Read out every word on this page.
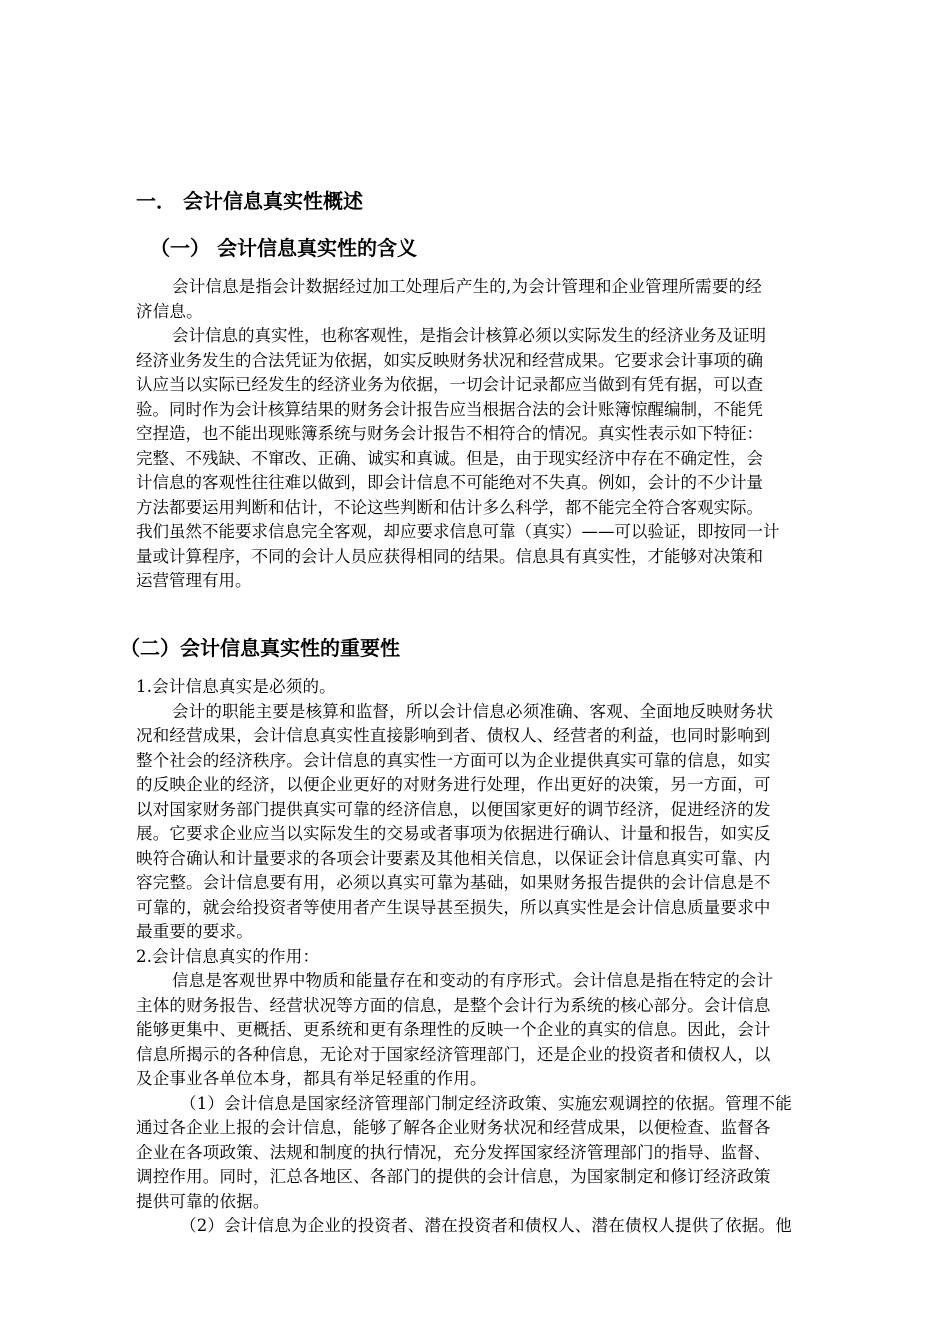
一． 会计信息真实性概述
（一） 会计信息真实性的含义
会计信息是指会计数据经过加工处理后产生的,为会计管理和企业管理所需要的经
济信息。
会计信息的真实性，也称客观性，是指会计核算必须以实际发生的经济业务及证明
经济业务发生的合法凭证为依据，如实反映财务状况和经营成果。它要求会计事项的确
认应当以实际已经发生的经济业务为依据，一切会计记录都应当做到有凭有据，可以查
验。同时作为会计核算结果的财务会计报告应当根据合法的会计账簿惊醒编制，不能凭
空捏造，也不能出现账簿系统与财务会计报告不相符合的情况。真实性表示如下特征：
完整、不残缺、不窜改、正确、诚实和真诚。但是，由于现实经济中存在不确定性，会
计信息的客观性往往难以做到，即会计信息不可能绝对不失真。例如，会计的不少计量
方法都要运用判断和估计，不论这些判断和估计多么科学，都不能完全符合客观实际。
我们虽然不能要求信息完全客观，却应要求信息可靠（真实）——可以验证，即按同一计
量或计算程序，不同的会计人员应获得相同的结果。信息具有真实性，才能够对决策和
运营管理有用。
（二）会计信息真实性的重要性
1.会计信息真实是必须的。
会计的职能主要是核算和监督，所以会计信息必须准确、客观、全面地反映财务状
况和经营成果，会计信息真实性直接影响到者、债权人、经营者的利益，也同时影响到
整个社会的经济秩序。会计信息的真实性一方面可以为企业提供真实可靠的信息，如实
的反映企业的经济，以便企业更好的对财务进行处理，作出更好的决策，另一方面，可
以对国家财务部门提供真实可靠的经济信息，以便国家更好的调节经济，促进经济的发
展。它要求企业应当以实际发生的交易或者事项为依据进行确认、计量和报告，如实反
映符合确认和计量要求的各项会计要素及其他相关信息，以保证会计信息真实可靠、内
容完整。会计信息要有用，必须以真实可靠为基础，如果财务报告提供的会计信息是不
可靠的，就会给投资者等使用者产生误导甚至损失，所以真实性是会计信息质量要求中
最重要的要求。
2.会计信息真实的作用：
信息是客观世界中物质和能量存在和变动的有序形式。会计信息是指在特定的会计
主体的财务报告、经营状况等方面的信息，是整个会计行为系统的核心部分。会计信息
能够更集中、更概括、更系统和更有条理性的反映一个企业的真实的信息。因此，会计
信息所揭示的各种信息，无论对于国家经济管理部门，还是企业的投资者和债权人，以
及企事业各单位本身，都具有举足轻重的作用。
（1）会计信息是国家经济管理部门制定经济政策、实施宏观调控的依据。管理不能
通过各企业上报的会计信息，能够了解各企业财务状况和经营成果，以便检查、监督各
企业在各项政策、法规和制度的执行情况，充分发挥国家经济管理部门的指导、监督、
调控作用。同时，汇总各地区、各部门的提供的会计信息，为国家制定和修订经济政策
提供可靠的依据。
（2）会计信息为企业的投资者、潜在投资者和债权人、潜在债权人提供了依据。他
